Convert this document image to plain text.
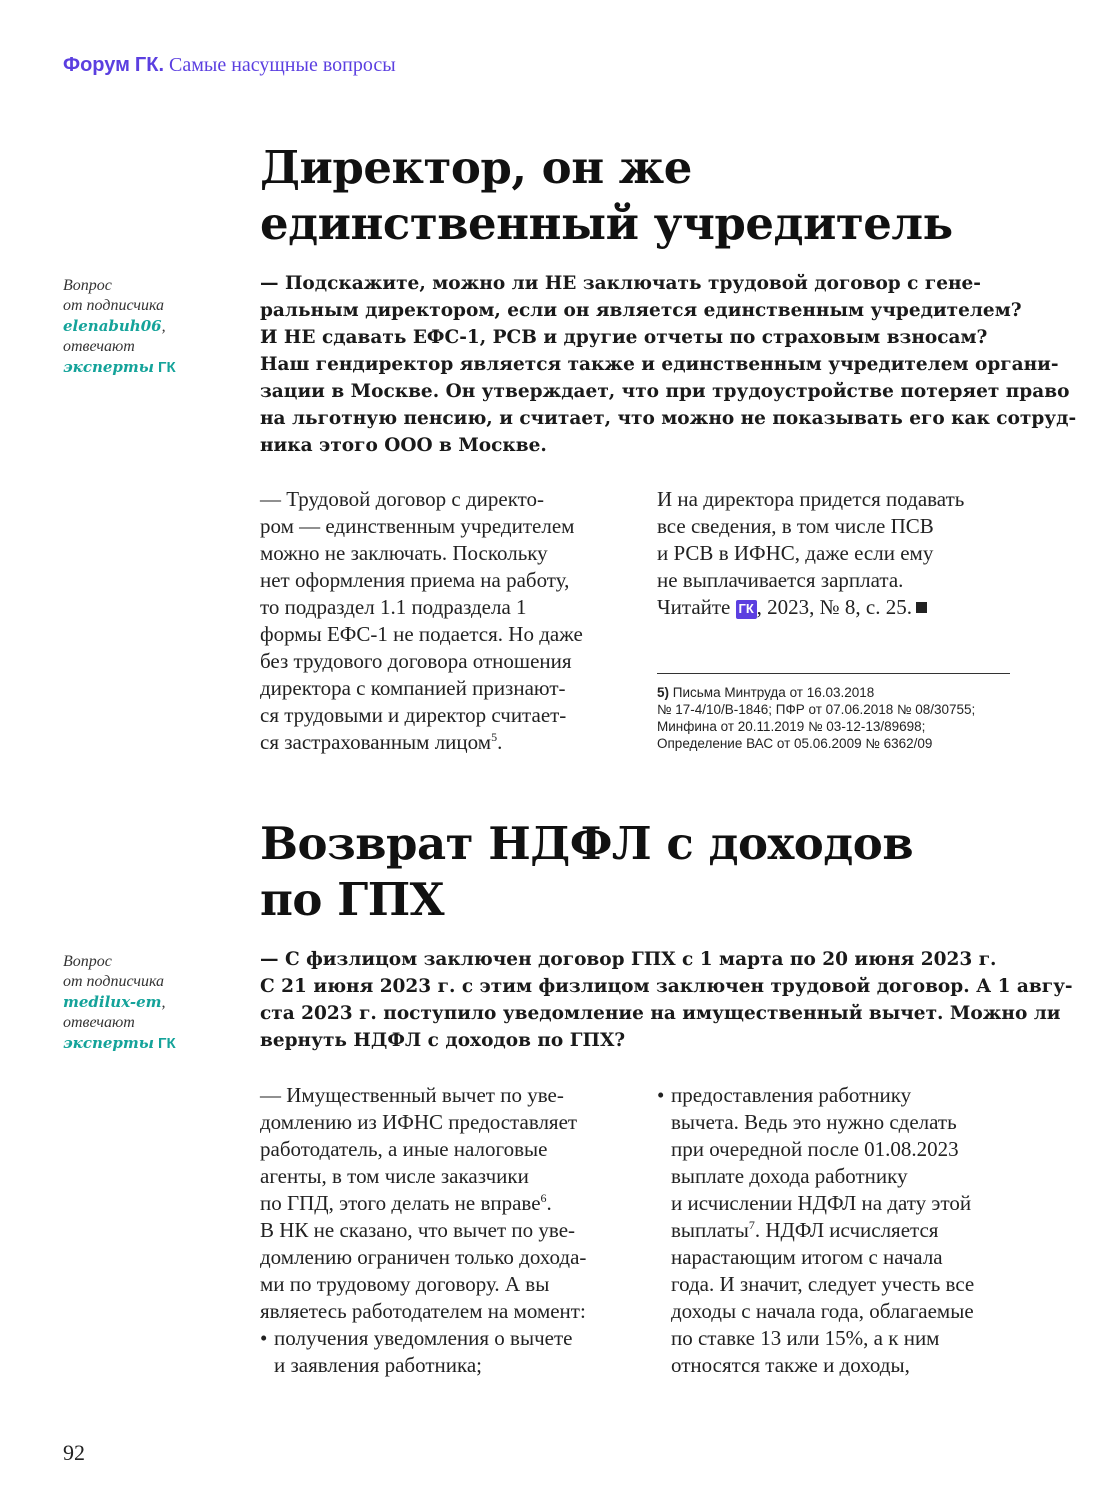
Форум ГК. Самые насущные вопросы
Директор, он же
единственный учредитель
Вопрос
от подписчика
elenabuh06,
отвечают
эксперты ГК
— Подскажите, можно ли НЕ заключать трудовой договор с гене-
ральным директором, если он является единственным учредителем?
И НЕ сдавать ЕФС-1, РСВ и другие отчеты по страховым взносам?
Наш гендиректор является также и единственным учредителем органи-
зации в Москве. Он утверждает, что при трудоустройстве потеряет право
на льготную пенсию, и считает, что можно не показывать его как сотруд-
ника этого ООО в Москве.
— Трудовой договор с директо-
ром — единственным учредителем
можно не заключать. Поскольку
нет оформления приема на работу,
то подраздел 1.1 подраздела 1
формы ЕФС-1 не подается. Но даже
без трудового договора отношения
директора с компанией признают-
ся трудовыми и директор считает-
ся застрахованным лицом$^5$.
И на директора придется подавать
все сведения, в том числе ПСВ
и РСВ в ИФНС, даже если ему
не выплачивается зарплата.
Читайте ГК , 2023, № 8, с. 25.
5) Письма Минтруда от 16.03.2018
№ 17-4/10/В-1846; ПФР от 07.06.2018 № 08/30755;
Минфина от 20.11.2019 № 03-12-13/89698;
Определение ВАС от 05.06.2009 № 6362/09
Возврат НДФЛ с доходов
по ГПХ
Вопрос
от подписчика
medilux-em,
отвечают
эксперты ГК
— С физлицом заключен договор ГПХ с 1 марта по 20 июня 2023 г.
С 21 июня 2023 г. с этим физлицом заключен трудовой договор. А 1 авгу-
ста 2023 г. поступило уведомление на имущественный вычет. Можно ли
вернуть НДФЛ с доходов по ГПХ?
— Имущественный вычет по уве-
домлению из ИФНС предоставляет
работодатель, а иные налоговые
агенты, в том числе заказчики
по ГПД, этого делать не вправе$^6$.
В НК не сказано, что вычет по уве-
домлению ограничен только дохода-
ми по трудовому договору. А вы
являетесь работодателем на момент:
• получения уведомления о вычете
и заявления работника;
• предоставления работнику
вычета. Ведь это нужно сделать
при очередной после 01.08.2023
выплате дохода работнику
и исчислении НДФЛ на дату этой
выплаты$^7$. НДФЛ исчисляется
нарастающим итогом с начала
года. И значит, следует учесть все
доходы с начала года, облагаемые
по ставке 13 или 15%, а к ним
относятся также и доходы,
92
